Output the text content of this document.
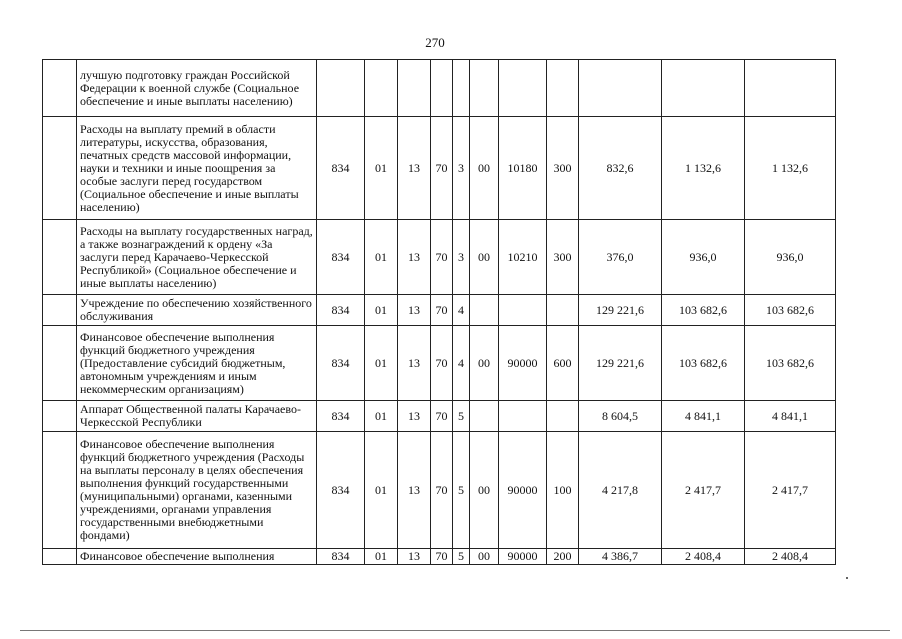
270
	лучшую подготовку граждан Российской Федерации к военной службе (Социальное обеспечение и иные выплаты населению)											
	Расходы на выплату премий в области литературы, искусства, образования, печатных средств массовой информации, науки и техники и иные поощрения за особые заслуги перед государством (Социальное обеспечение и иные выплаты населению)	834	01	13	70	3	00	10180	300	832,6	1 132,6	1 132,6
	Расходы на выплату государственных наград, а также вознаграждений к ордену «За заслуги перед Карачаево-Черкесской Республикой» (Социальное обеспечение и иные выплаты населению)	834	01	13	70	3	00	10210	300	376,0	936,0	936,0
	Учреждение по обеспечению хозяйственного обслуживания	834	01	13	70	4				129 221,6	103 682,6	103 682,6
	Финансовое обеспечение выполнения функций бюджетного учреждения (Предоставление субсидий бюджетным, автономным учреждениям и иным некоммерческим организациям)	834	01	13	70	4	00	90000	600	129 221,6	103 682,6	103 682,6
	Аппарат Общественной палаты Карачаево-Черкесской Республики	834	01	13	70	5				8 604,5	4 841,1	4 841,1
	Финансовое обеспечение выполнения функций бюджетного учреждения (Расходы на выплаты персоналу в целях обеспечения выполнения функций государственными (муниципальными) органами, казенными учреждениями, органами управления государственными внебюджетными фондами)	834	01	13	70	5	00	90000	100	4 217,8	2 417,7	2 417,7
	Финансовое обеспечение выполнения	834	01	13	70	5	00	90000	200	4 386,7	2 408,4	2 408,4
